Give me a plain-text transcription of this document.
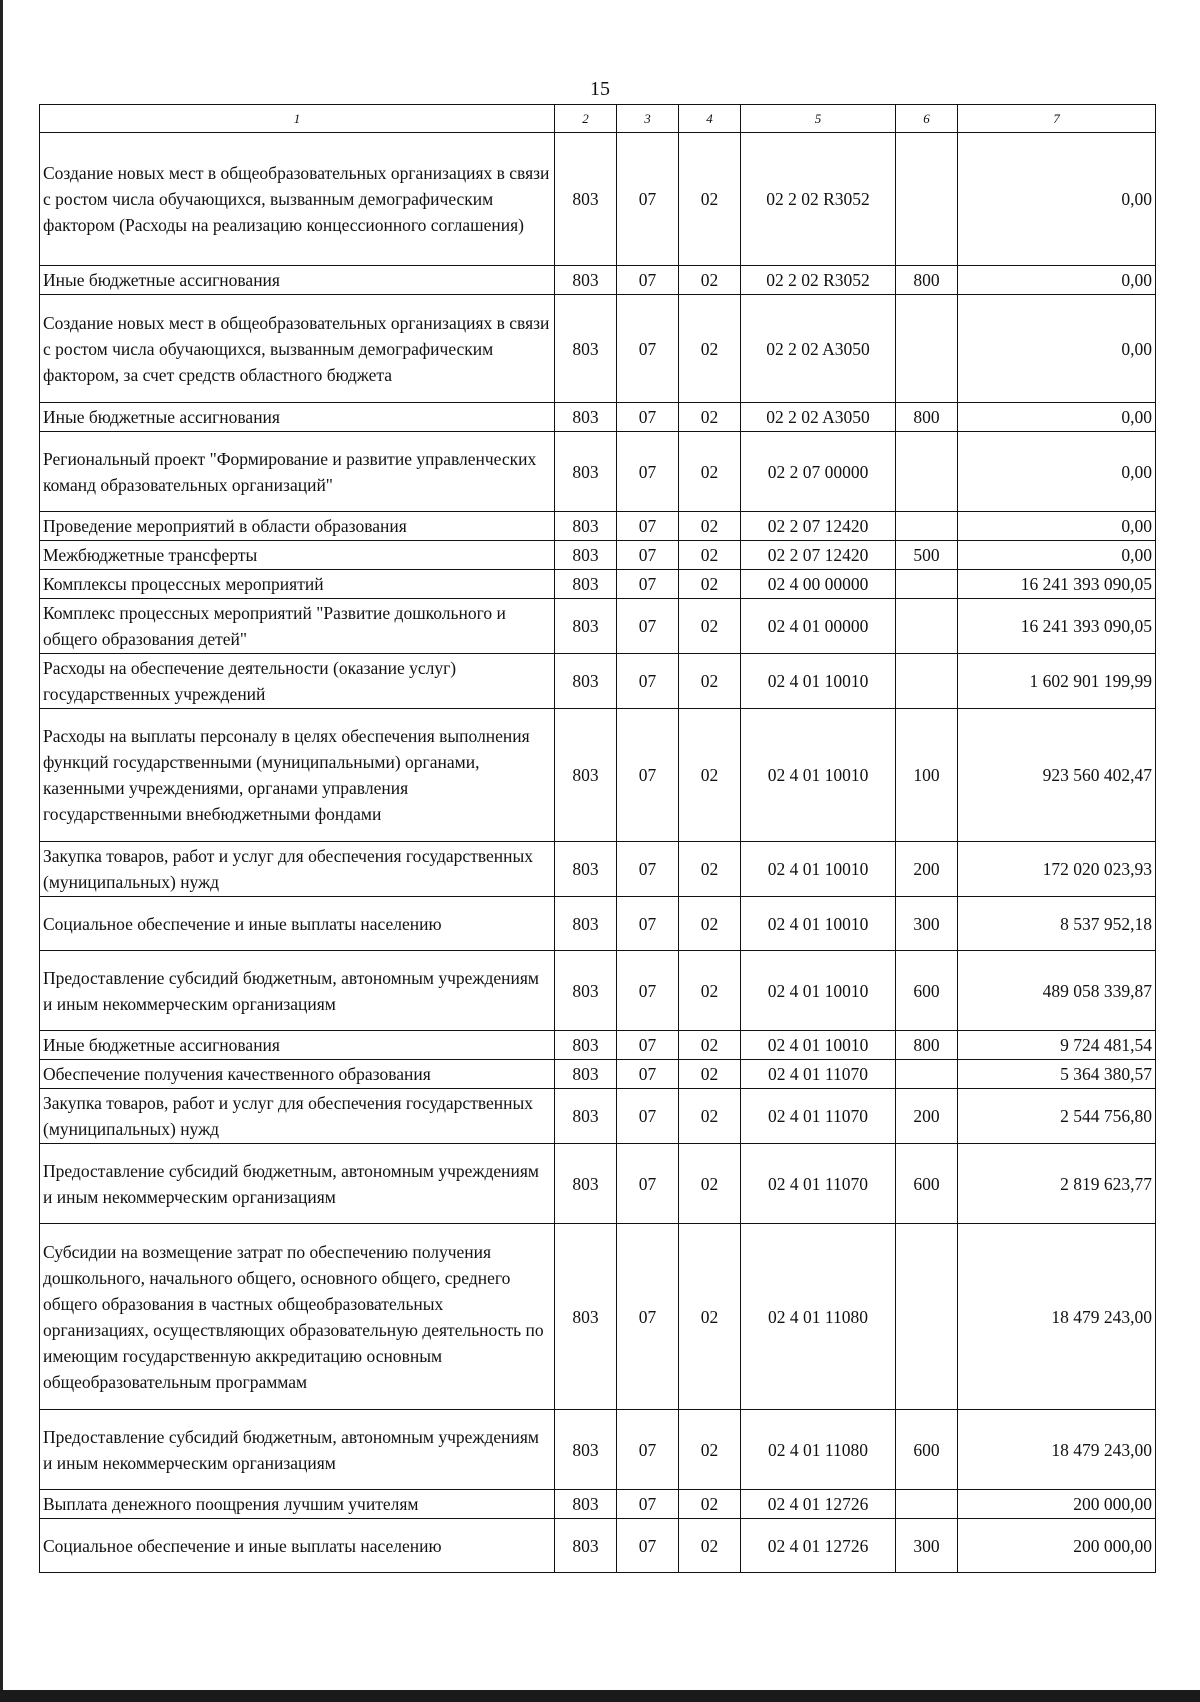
15
1	2	3	4	5	6	7
Создание новых мест в общеобразовательных организациях в связи с ростом числа обучающихся, вызванным демографическим фактором (Расходы на реализацию концессионного соглашения)	803	07	02	02 2 02 R3052		0,00
Иные бюджетные ассигнования	803	07	02	02 2 02 R3052	800	0,00
Создание новых мест в общеобразовательных организациях в связи с ростом числа обучающихся, вызванным демографическим фактором, за счет средств областного бюджета	803	07	02	02 2 02 A3050		0,00
Иные бюджетные ассигнования	803	07	02	02 2 02 A3050	800	0,00
Региональный проект "Формирование и развитие управленческих команд образовательных организаций"	803	07	02	02 2 07 00000		0,00
Проведение мероприятий в области образования	803	07	02	02 2 07 12420		0,00
Межбюджетные трансферты	803	07	02	02 2 07 12420	500	0,00
Комплексы процессных мероприятий	803	07	02	02 4 00 00000		16 241 393 090,05
Комплекс процессных мероприятий "Развитие дошкольного и общего образования детей"	803	07	02	02 4 01 00000		16 241 393 090,05
Расходы на обеспечение деятельности (оказание услуг) государственных учреждений	803	07	02	02 4 01 10010		1 602 901 199,99
Расходы на выплаты персоналу в целях обеспечения выполнения функций государственными (муниципальными) органами, казенными учреждениями, органами управления государственными внебюджетными фондами	803	07	02	02 4 01 10010	100	923 560 402,47
Закупка товаров, работ и услуг для обеспечения государственных (муниципальных) нужд	803	07	02	02 4 01 10010	200	172 020 023,93
Социальное обеспечение и иные выплаты населению	803	07	02	02 4 01 10010	300	8 537 952,18
Предоставление субсидий бюджетным, автономным учреждениям и иным некоммерческим организациям	803	07	02	02 4 01 10010	600	489 058 339,87
Иные бюджетные ассигнования	803	07	02	02 4 01 10010	800	9 724 481,54
Обеспечение получения качественного образования	803	07	02	02 4 01 11070		5 364 380,57
Закупка товаров, работ и услуг для обеспечения государственных (муниципальных) нужд	803	07	02	02 4 01 11070	200	2 544 756,80
Предоставление субсидий бюджетным, автономным учреждениям и иным некоммерческим организациям	803	07	02	02 4 01 11070	600	2 819 623,77
Субсидии на возмещение затрат по обеспечению получения дошкольного, начального общего, основного общего, среднего общего образования в частных общеобразовательных организациях, осуществляющих образовательную деятельность по имеющим государственную аккредитацию основным общеобразовательным программам	803	07	02	02 4 01 11080		18 479 243,00
Предоставление субсидий бюджетным, автономным учреждениям и иным некоммерческим организациям	803	07	02	02 4 01 11080	600	18 479 243,00
Выплата денежного поощрения лучшим учителям	803	07	02	02 4 01 12726		200 000,00
Социальное обеспечение и иные выплаты населению	803	07	02	02 4 01 12726	300	200 000,00
